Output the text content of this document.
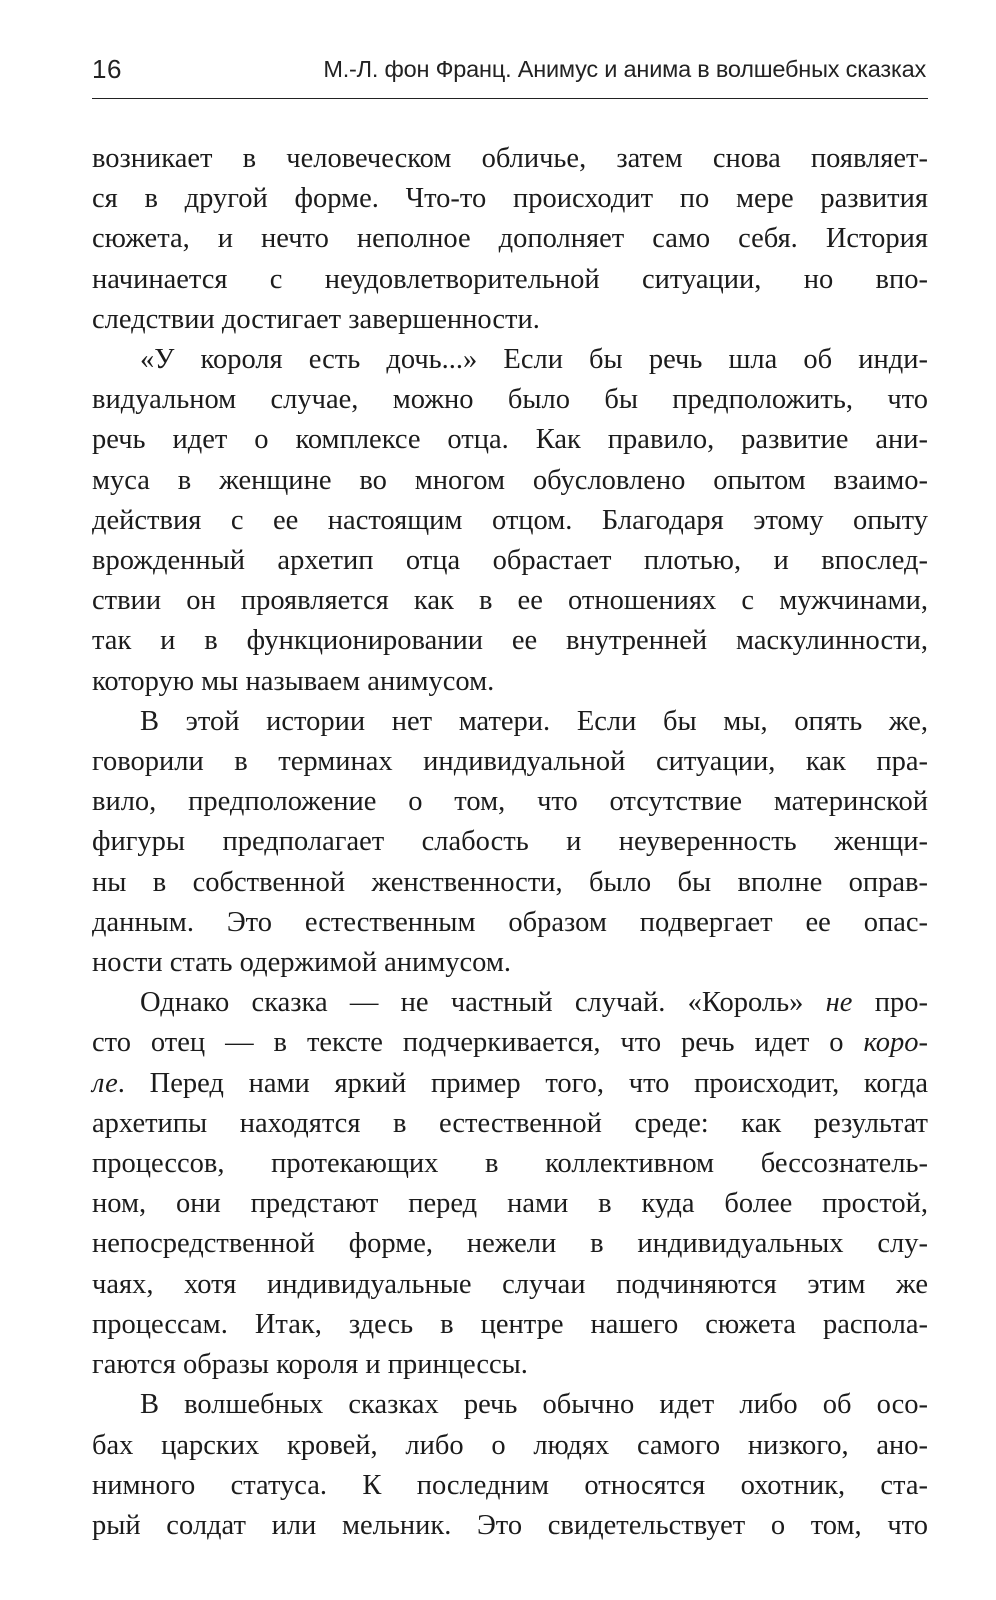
16	М.-Л. фон Франц. Анимус и анима в волшебных сказках
возникает в человеческом обличье, затем снова появляет-
ся в другой форме. Что-то происходит по мере развития
сюжета, и нечто неполное дополняет само себя. История
начинается с неудовлетворительной ситуации, но впо-
следствии достигает завершенности.
«У короля есть дочь...» Если бы речь шла об инди-
видуальном случае, можно было бы предположить, что
речь идет о комплексе отца. Как правило, развитие ани-
муса в женщине во многом обусловлено опытом взаимо-
действия с ее настоящим отцом. Благодаря этому опыту
врожденный архетип отца обрастает плотью, и впослед-
ствии он проявляется как в ее отношениях с мужчинами,
так и в функционировании ее внутренней маскулинности,
которую мы называем анимусом.
В этой истории нет матери. Если бы мы, опять же,
говорили в терминах индивидуальной ситуации, как пра-
вило, предположение о том, что отсутствие материнской
фигуры предполагает слабость и неуверенность женщи-
ны в собственной женственности, было бы вполне оправ-
данным. Это естественным образом подвергает ее опас-
ности стать одержимой анимусом.
Однако сказка — не частный случай. «Король» не про-
сто отец — в тексте подчеркивается, что речь идет о коро-
ле. Перед нами яркий пример того, что происходит, когда
архетипы находятся в естественной среде: как результат
процессов, протекающих в коллективном бессознатель-
ном, они предстают перед нами в куда более простой,
непосредственной форме, нежели в индивидуальных слу-
чаях, хотя индивидуальные случаи подчиняются этим же
процессам. Итак, здесь в центре нашего сюжета распола-
гаются образы короля и принцессы.
В волшебных сказках речь обычно идет либо об осо-
бах царских кровей, либо о людях самого низкого, ано-
нимного статуса. К последним относятся охотник, ста-
рый солдат или мельник. Это свидетельствует о том, что
